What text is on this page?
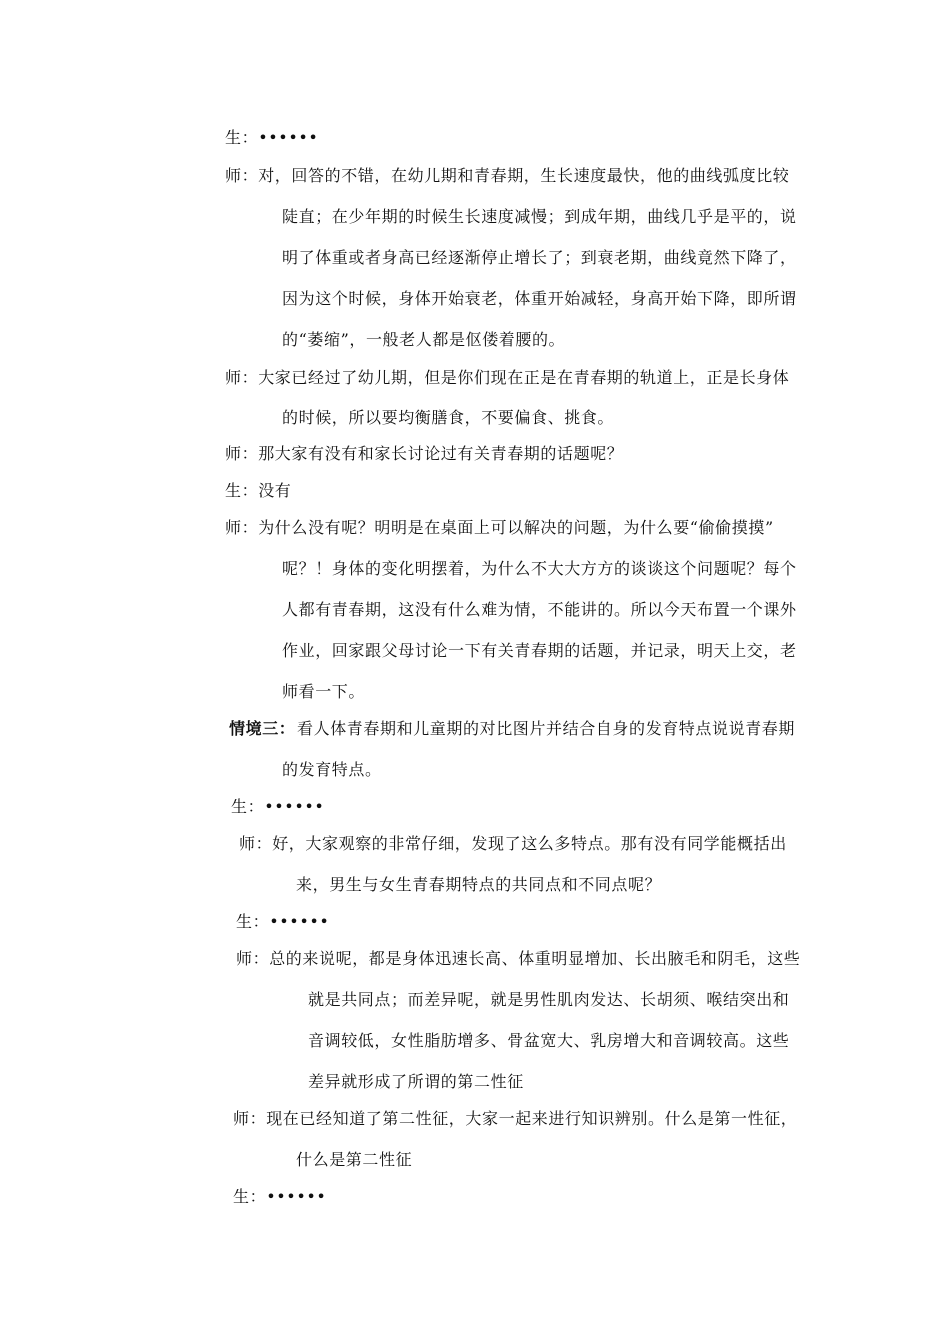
生：••••••
师：对，回答的不错，在幼儿期和青春期，生长速度最快，他的曲线弧度比较
陡直；在少年期的时候生长速度减慢；到成年期，曲线几乎是平的，说
明了体重或者身高已经逐渐停止增长了；到衰老期，曲线竟然下降了，
因为这个时候，身体开始衰老，体重开始减轻，身高开始下降，即所谓
的“萎缩”，一般老人都是伛偻着腰的。
师：大家已经过了幼儿期，但是你们现在正是在青春期的轨道上，正是长身体
的时候，所以要均衡膳食，不要偏食、挑食。
师：那大家有没有和家长讨论过有关青春期的话题呢？
生：没有
师：为什么没有呢？明明是在桌面上可以解决的问题，为什么要“偷偷摸摸”
呢？！身体的变化明摆着，为什么不大大方方的谈谈这个问题呢？每个
人都有青春期，这没有什么难为情，不能讲的。所以今天布置一个课外
作业，回家跟父母讨论一下有关青春期的话题，并记录，明天上交，老
师看一下。
情境三： 看人体青春期和儿童期的对比图片并结合自身的发育特点说说青春期
的发育特点。
生：••••••
师：好，大家观察的非常仔细，发现了这么多特点。那有没有同学能概括出
来，男生与女生青春期特点的共同点和不同点呢？
生：••••••
师：总的来说呢，都是身体迅速长高、体重明显增加、长出腋毛和阴毛，这些
就是共同点；而差异呢，就是男性肌肉发达、长胡须、喉结突出和
音调较低，女性脂肪增多、骨盆宽大、乳房增大和音调较高。这些
差异就形成了所谓的第二性征
师：现在已经知道了第二性征，大家一起来进行知识辨别。什么是第一性征，
什么是第二性征
生：••••••
